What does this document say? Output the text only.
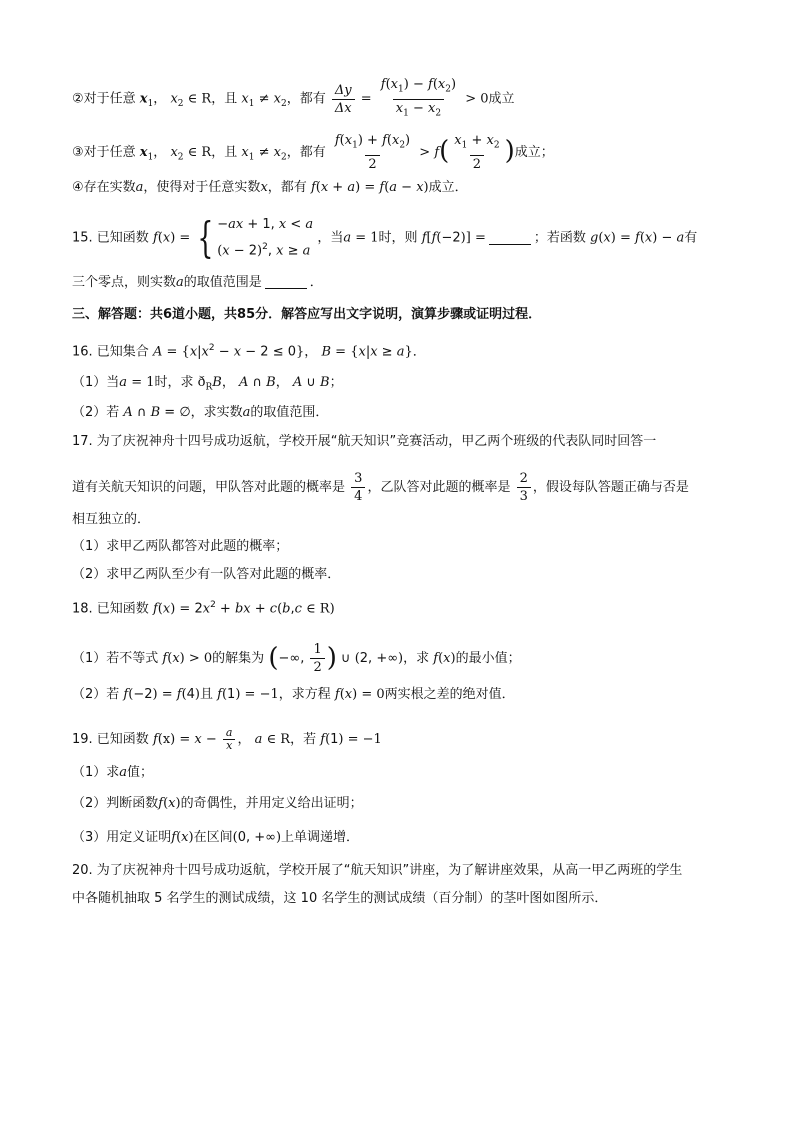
②对于任意 $x_1$， $x_2$ ∈ R，且 $x_1 \ne x_2$，都有 $\frac{\Delta y}{\Delta x} = \frac{f(x_1) - f(x_2)}{x_1 - x_2} > 0$成立
③对于任意 $x_1$， $x_2$ ∈ R，且 $x_1 \ne x_2$，都有 $\frac{f(x_1) + f(x_2)}{2} > f( \frac{x_1 + x_2}{2}$ )成立；
④存在实数a，使得对于任意实数x，都有 f(x + a) = f(a − x)成立．
15. 已知函数 f(x) = { −ax + 1, x < a
$(x - 2)^2$, x ≥ a
，当a = 1时，则 f[f(−2)] =	；若函数 g(x) = f(x) − a有
三个零点，则实数a的取值范围是	．
三、解答题：共6道小题，共85分．解答应写出文字说明，演算步骤或证明过程．
16. 已知集合 $A = \{x|x^2 - x - 2 \le 0\}$， B = {x|x ≥ a}．
（1）当a = 1时，求 $ð_RB$， A ∩ B， A ∪ B；
（2）若 A ∩ B = ∅，求实数a的取值范围．
17. 为了庆祝神舟十四号成功返航，学校开展“航天知识”竞赛活动，甲乙两个班级的代表队同时回答一
道有关航天知识的问题，甲队答对此题的概率是 $\frac{3}{4}$ ，乙队答对此题的概率是 $\frac{2}{3}$ ，假设每队答题正确与否是
相互独立的．
（1）求甲乙两队都答对此题的概率；
（2）求甲乙两队至少有一队答对此题的概率．
18. 已知函数 $f(x) = 2x^2$ + bx + c(b,c ∈ R)
（1）若不等式 f(x) > 0的解集为 (−∞, $\frac{1}{2}$ ) ∪ (2, +∞)，求 f(x)的最小值；
（2）若 f(−2) = f(4)且 f(1) = −1，求方程 f(x) = 0两实根之差的绝对值．
19. 已知函数 $f(x) = x - \frac{a}{x}$ ， a ∈ R，若 f(1) = −1
（1）求a值；
（2）判断函数f(x)的奇偶性，并用定义给出证明；
（3）用定义证明f(x)在区间(0, +∞)上单调递增．
20. 为了庆祝神舟十四号成功返航，学校开展了“航天知识”讲座，为了解讲座效果，从高一甲乙两班的学生
中各随机抽取 5 名学生的测试成绩，这 10 名学生的测试成绩（百分制）的茎叶图如图所示．
